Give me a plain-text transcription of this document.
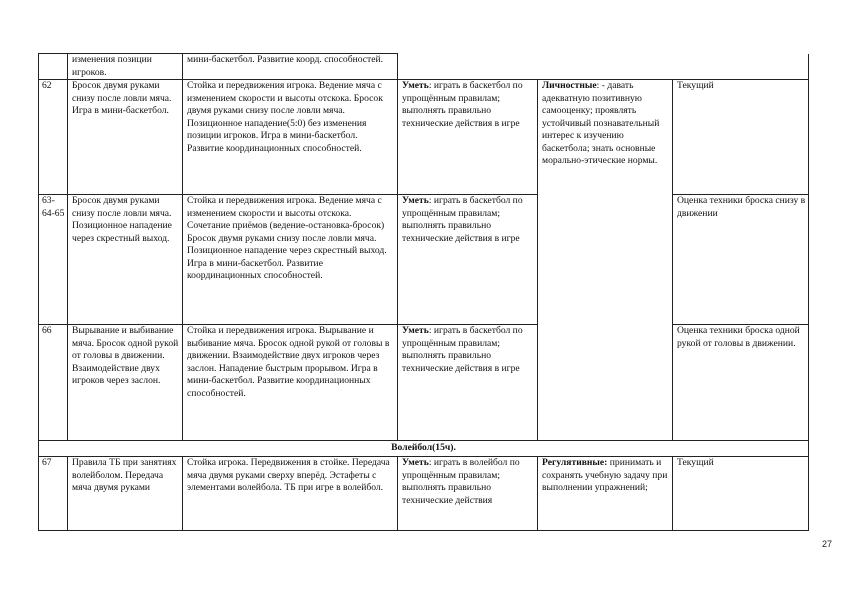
	изменения позиции игроков.	мини-баскетбол. Развитие коорд. способностей.			
62	Бросок двумя руками снизу после ловли мяча. Игра в мини-баскетбол.	Стойка и передвижения игрока. Ведение мяча с изменением скорости и высоты отскока. Бросок двумя руками снизу после ловли мяча. Позиционное нападение(5:0) без изменения позиции игроков. Игра в мини-баскетбол. Развитие координационных способностей.	Уметь: играть в баскетбол по упрощённым правилам; выполнять правильно технические действия в игре	Личностные: - давать адекватную позитивную самооценку; проявлять устойчивый познавательный интерес к изучению баскетбола; знать основные морально-этические нормы.	Текущий
63-64-65	Бросок двумя руками снизу после ловли мяча. Позиционное нападение через скрестный выход.	Стойка и передвижения игрока. Ведение мяча с изменением скорости и высоты отскока. Сочетание приёмов (ведение-остановка-бросок) Бросок двумя руками снизу после ловли мяча. Позиционное нападение через скрестный выход. Игра в мини-баскетбол. Развитие координационных способностей.	Уметь: играть в баскетбол по упрощённым правилам; выполнять правильно технические действия в игре		Оценка техники броска снизу в движении
66	Вырывание и выбивание мяча. Бросок одной рукой от головы в движении. Взаимодействие двух игроков через заслон.	Стойка и передвижения игрока. Вырывание и выбивание мяча. Бросок одной рукой от головы в движении. Взаимодействие двух игроков через заслон. Нападение быстрым прорывом. Игра в мини-баскетбол. Развитие координационных способностей.	Уметь: играть в баскетбол по упрощённым правилам; выполнять правильно технические действия в игре		Оценка техники броска одной рукой от головы в движении.
Волейбол(15ч).					
67	Правила ТБ при занятиях волейболом. Передача мяча двумя руками	Стойка игрока. Передвижения в стойке. Передача мяча двумя руками сверху вперёд. Эстафеты с элементами волейбола. ТБ при игре в волейбол.	Уметь: играть в волейбол по упрощённым правилам; выполнять правильно технические действия	Регулятивные: принимать и сохранять учебную задачу при выполнении упражнений;	Текущий
27
